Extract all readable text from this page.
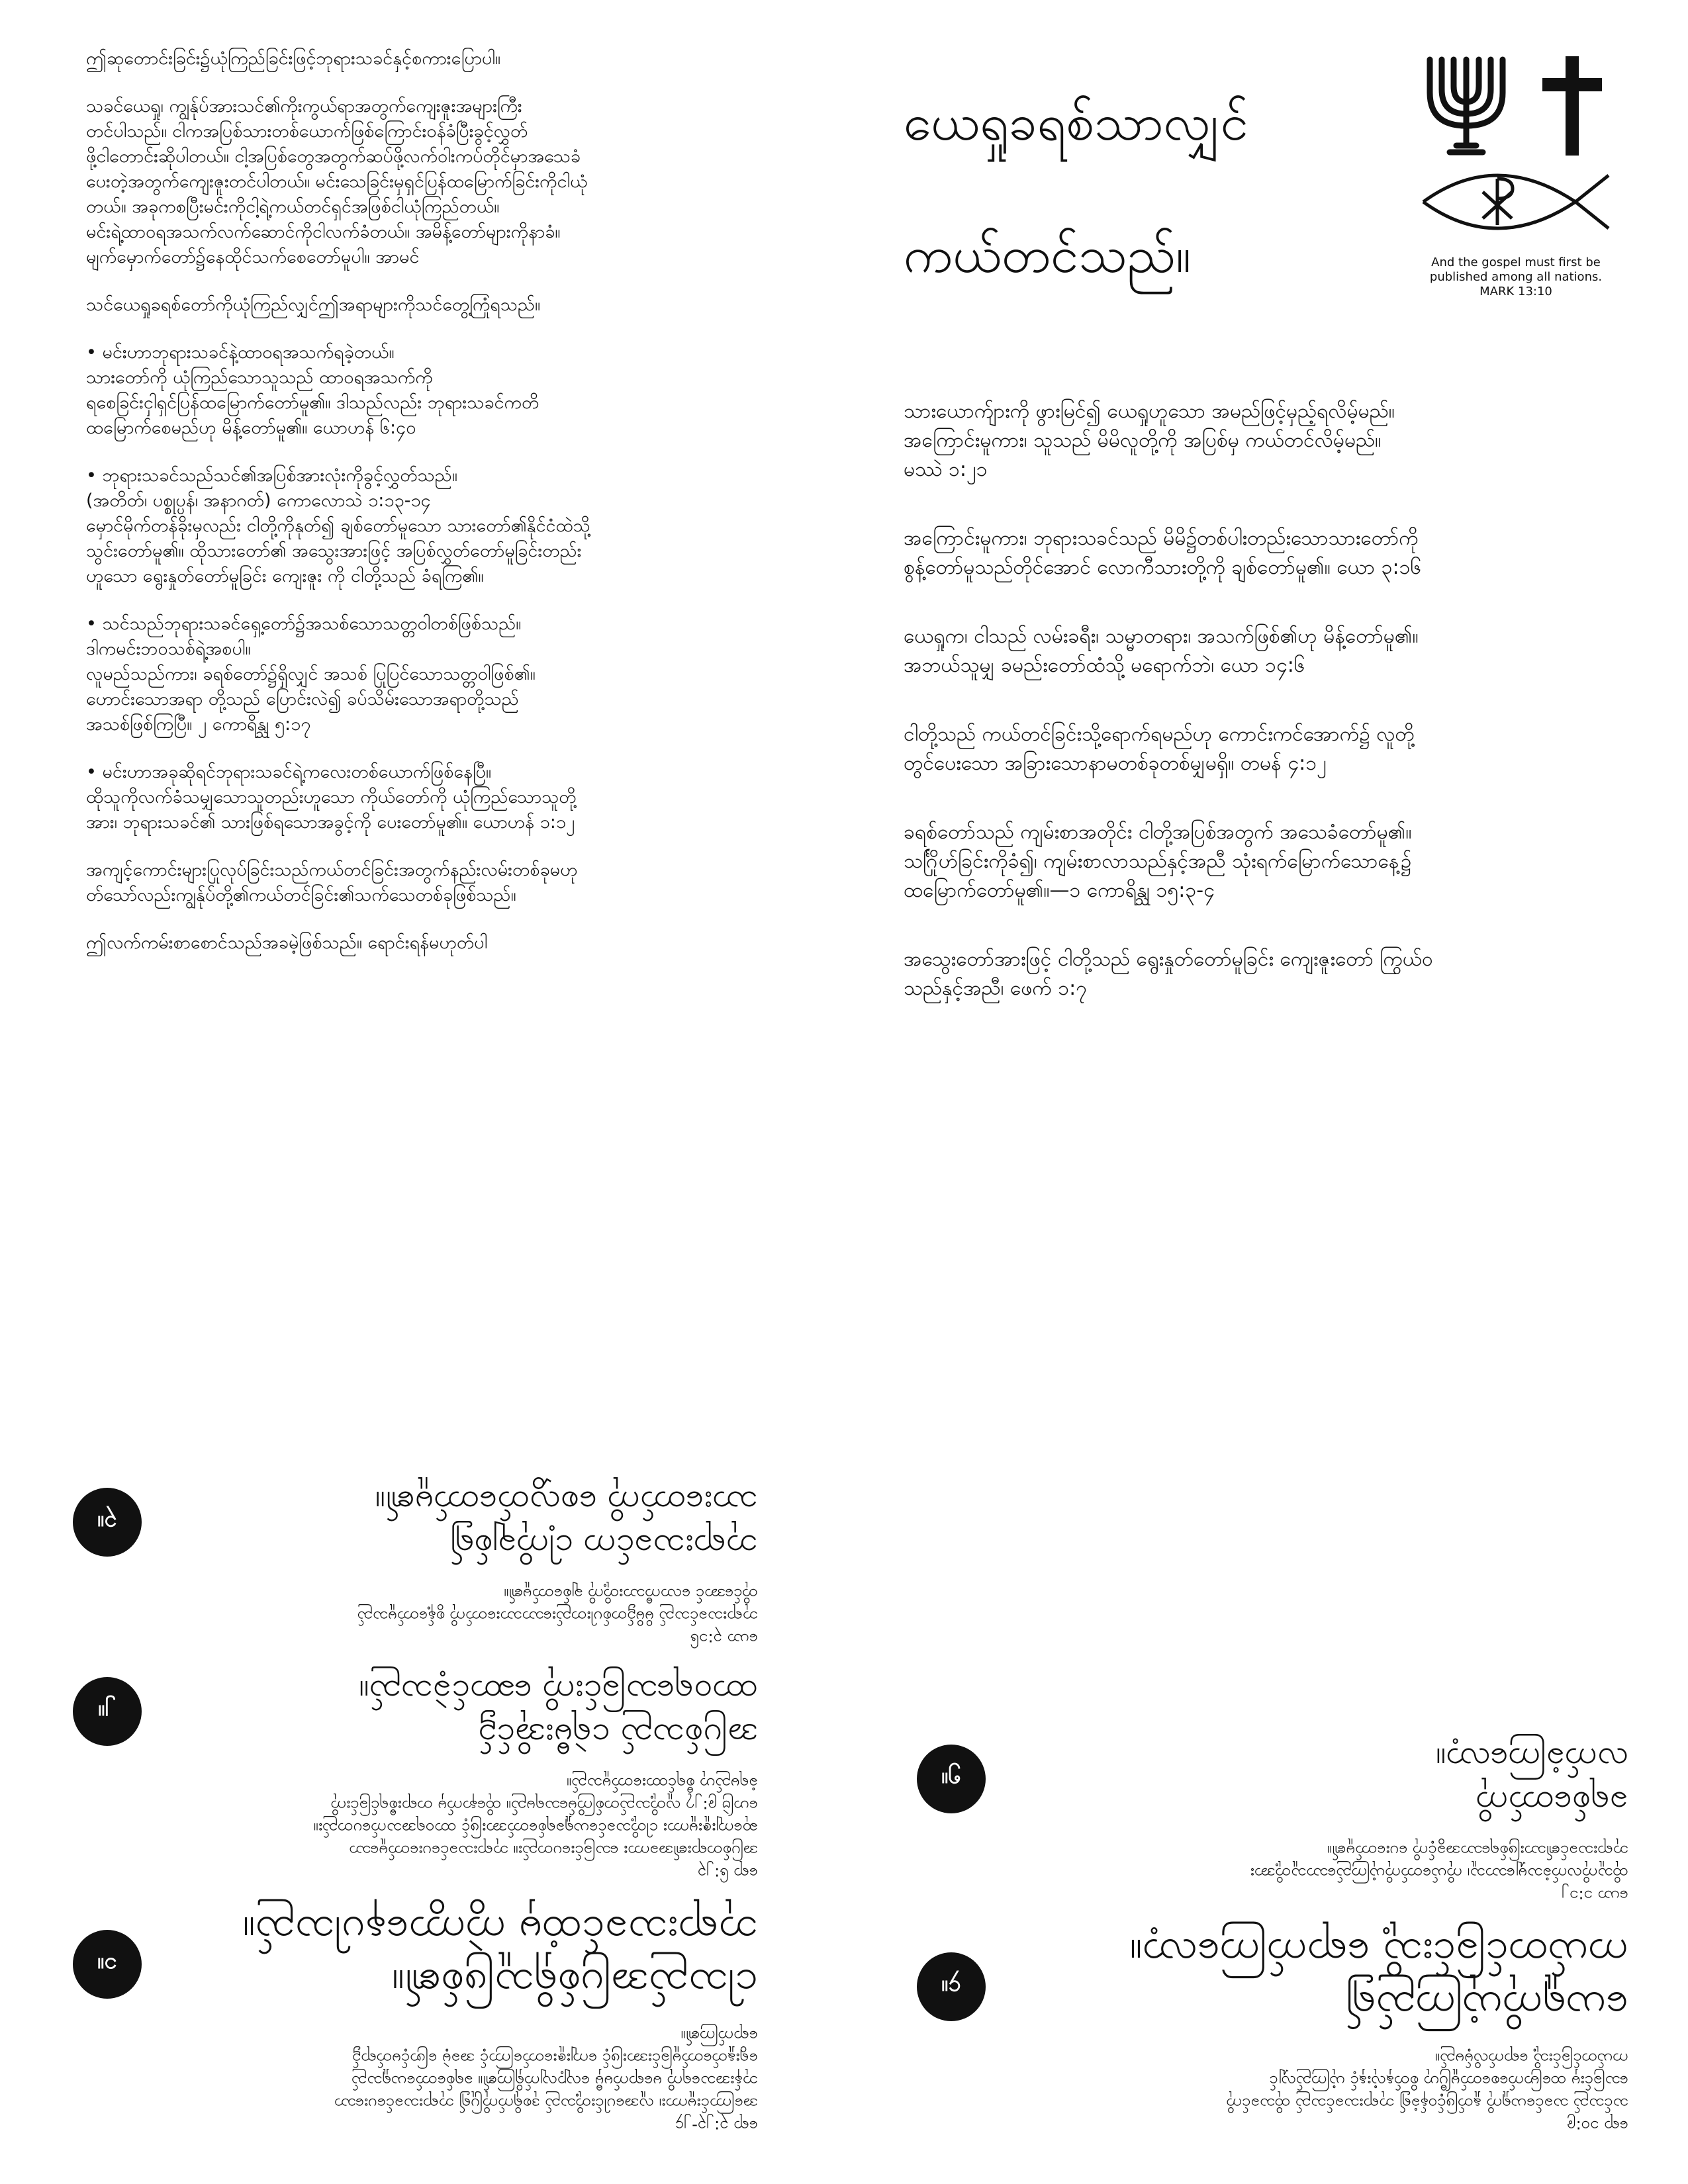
ဤဆုတောင်းခြင်း၌ယုံကြည်ခြင်းဖြင့်ဘုရားသခင်နှင့်စကားပြောပါ။
သခင်ယေရှု၊ ကျွန်ုပ်အားသင်၏ကိုးကွယ်ရာအတွက်ကျေးဇူးအများကြီး
တင်ပါသည်။ ငါကအပြစ်သားတစ်ယောက်ဖြစ်ကြောင်းဝန်ခံပြီးခွင့်လွှတ်
ဖို့ငါတောင်းဆိုပါတယ်။ ငါ့အပြစ်တွေအတွက်ဆပ်ဖို့လက်ဝါးကပ်တိုင်မှာအသေခံ
ပေးတဲ့အတွက်ကျေးဇူးတင်ပါတယ်။ မင်းသေခြင်းမှရှင်ပြန်ထမြောက်ခြင်းကိုငါယုံ
တယ်။ အခုကစပြီးမင်းကိုငါ့ရဲ့ကယ်တင်ရှင်အဖြစ်ငါယုံကြည်တယ်။
မင်းရဲ့ထာဝရအသက်လက်ဆောင်ကိုငါလက်ခံတယ်။ အမိန့်တော်များကိုနာခံ။
မျက်မှောက်တော်၌နေထိုင်သက်စေတော်မူပါ။ အာမင်
သင်ယေရှုခရစ်တော်ကိုယုံကြည်လျှင်ဤအရာများကိုသင်တွေ့ကြုံရသည်။
• မင်းဟာဘုရားသခင်နဲ့ထာဝရအသက်ရခဲ့တယ်။
သားတော်ကို ယုံကြည်သောသူသည် ထာဝရအသက်ကို
ရစေခြင်းငှါရှင်ပြန်ထမြောက်တော်မူ၏။ ဒါသည်လည်း ဘုရားသခင်ကတိ
ထမြောက်စေမည်ဟု မိန့်တော်မူ၏။ ယောဟန် ၆:၄၀
• ဘုရားသခင်သည်သင်၏အပြစ်အားလုံးကိုခွင့်လွှတ်သည်။
(အတိတ်၊ ပစ္စုပ္ပန်၊ အနာဂတ်) ကောလောသဲ ၁:၁၃-၁၄
မှောင်မိုက်တန်ခိုးမှလည်း ငါတို့ကိုနုတ်၍ ချစ်တော်မူသော သားတော်၏နိုင်ငံထဲသို့
သွင်းတော်မူ၏။ ထိုသားတော်၏ အသွေးအားဖြင့် အပြစ်လွှတ်တော်မူခြင်းတည်း
ဟူသော ရွေးနှုတ်တော်မူခြင်း ကျေးဇူး ကို ငါတို့သည် ခံရကြ၏။
• သင်သည်ဘုရားသခင်ရှေ့တော်၌အသစ်သောသတ္တဝါတစ်ဖြစ်သည်။
ဒါကမင်းဘဝသစ်ရဲ့အစပါ။
လူမည်သည်ကား၊ ခရစ်တော်၌ရှိလျှင် အသစ် ပြုပြင်သောသတ္တဝါဖြစ်၏။
ဟောင်းသောအရာ တို့သည် ပြောင်းလဲ၍ ခပ်သိမ်းသောအရာတို့သည်
အသစ်ဖြစ်ကြပြီ။ ၂ ကောရိန္သု ၅:၁၇
• မင်းဟာအခုဆိုရင်ဘုရားသခင်ရဲ့ကလေးတစ်ယောက်ဖြစ်နေပြီ။
ထိုသူကိုလက်ခံသမျှသောသူတည်းဟူသော ကိုယ်တော်ကို ယုံကြည်သောသူတို့
အား၊ ဘုရားသခင်၏ သားဖြစ်ရသောအခွင့်ကို ပေးတော်မူ၏။ ယောဟန် ၁:၁၂
အကျင့်ကောင်းများပြုလုပ်ခြင်းသည်ကယ်တင်ခြင်းအတွက်နည်းလမ်းတစ်ခုမဟု
တ်သော်လည်းကျွန်ုပ်တို့၏ကယ်တင်ခြင်း၏သက်သေတစ်ခုဖြစ်သည်။
ဤလက်ကမ်းစာစောင်သည်အခမဲ့ဖြစ်သည်။ ရောင်းရန်မဟုတ်ပါ
ယေရှုခရစ်သာလျှင်
ကယ်တင်သည်။	And the gospel must first be published among all nations. MARK 13:10
သားယောက်ျားကို ဖွားမြင်၍ ယေရှုဟူသော အမည်ဖြင့်မှည့်ရလိမ့်မည်။
အကြောင်းမူကား၊ သူသည် မိမိလူတို့ကို အပြစ်မှ ကယ်တင်လိမ့်မည်။
မဿဲ ၁:၂၁
အကြောင်းမူကား၊ ဘုရားသခင်သည် မိမိ၌တစ်ပါးတည်းသောသားတော်ကို
စွန့်တော်မူသည်တိုင်အောင် လောကီသားတို့ကို ချစ်တော်မူ၏။ ယော ၃:၁၆
ယေရှုက၊ ငါသည် လမ်းခရီး၊ သမ္မာတရား၊ အသက်ဖြစ်၏ဟု မိန့်တော်မူ၏။
အဘယ်သူမျှ ခမည်းတော်ထံသို့ မရောက်ဘဲ၊ ယော ၁၄:၆
ငါတို့သည် ကယ်တင်ခြင်းသို့ရောက်ရမည်ဟု ကောင်းကင်အောက်၌ လူတို့
တွင်ပေးသော အခြားသောနာမတစ်ခုတစ်မျှမရှိ။ တမန် ၄:၁၂
ခရစ်တော်သည် ကျမ်းစာအတိုင်း ငါတို့အပြစ်အတွက် အသေခံတော်မူ၏။
သင်္ဂြိုဟ်ခြင်းကိုခံ၍၊ ကျမ်းစာလာသည်နှင့်အညီ သုံးရက်မြောက်သောနေ့၌
ထမြောက်တော်မူ၏။—၁ ကောရိန္သု ၁၅:၃-၄
အသွေးတော်အားဖြင့် ငါတို့သည် ရွေးနှုတ်တော်မူခြင်း ကျေးဇူးတော် ကြွယ်ဝ
သည်နှင့်အညီ၊ ဖေက် ၁:၇
ရော ၃:၂၃-၂၄
အကြောင်းမူကား၊ လူအပေါင်းတို့သည် ဒုစရိုက်ကိုပြု၍ ဘုရားသခင်ပေးသော
ဘုန်းအသရေကို မရောက်မမှီ လျော့လျက်ရှိကြ၏။ ခရစ်တော်ယေရှုသည်
ရွေးနှုတ်တော်မူခြင်းအားဖြင့် ကျေးဇူးတော်ကြောင့် အခမဲ့ ဖြောင့်မတ်ရာ၌
ရောက်ကြ၏။
ငါသည်အပြစ်ရှိသူဖြစ်၏။
ဘုရားသခင်ထံမှ ကွဲကွာနေပါသည်။
၁။
ရော ၆:၂၃
အပြစ်တရား၏အခကား သေခြင်းပေတည်း။ ဘုရားသခင်ပေးတော်မူသော
ဆုကျေးဇူးမူကား ငါတို့သခင်ယေရှုခရစ်တော်အားဖြင့် ထာဝရအသက်ပေတည်း။
ဟေဗြဲ ၉:၂၇ လူတို့သည်တစ်ကြိမ်သေရမည်။ ထိုနောက်မှ တရားစီရင်ခြင်းကို
ခံရမည်ဟု စီရင်ထားတော်မူသည်။
အပြစ်သည် ငရဲမီးအိုင်၌
ထာဝရသေခြင်းကို ဆောင်ခဲ့သည်။
၂။
ယော ၃:၁၆
ဘုရားသခင်သည် မိမိ၌တစ်ပါးတည်းသောသားတော်ကို စွန့်တော်မူသည်
တိုင်အောင် လောကီသားတို့ကို ချစ်တော်မူ၏။
ဘုရားသခင်က ငါ့ကိုချစ်၍
သားတော်ကို စေလွှတ်တော်မူ၏။
၃။
ရော ၁၀:၉
သင်သည် သခင်ယေရှုကို နှုတ်ဖြင့်ဝန်ခံ၍ ဘုရားသခင်သည် ထိုသခင်ကို
သေခြင်းမှ ထမြောက်စေတော်မူပြီဟု စိတ်နှလုံးနှင့် ယုံကြည်လျှင်
ကယ်တင်ခြင်းသို့ ရောက်လိမ့်မည်။
ယေရှုကိုယုံကြည်၍
ကယ်တင်ခြင်းသို့ ရောက်ကြလော့။
၄။
ယော ၁:၁၂
ထိုသူကိုလက်ခံသမျှသောသူ၊ ကိုယ်တော်ကိုယုံကြည်သောသူတို့အား
ဘုရားသခင်၏သားဖြစ်ရသောအခွင့်ကို ပေးတော်မူ၏။
ခရစ်တော်ကို
လက်ခံကြလော့။
၅။
